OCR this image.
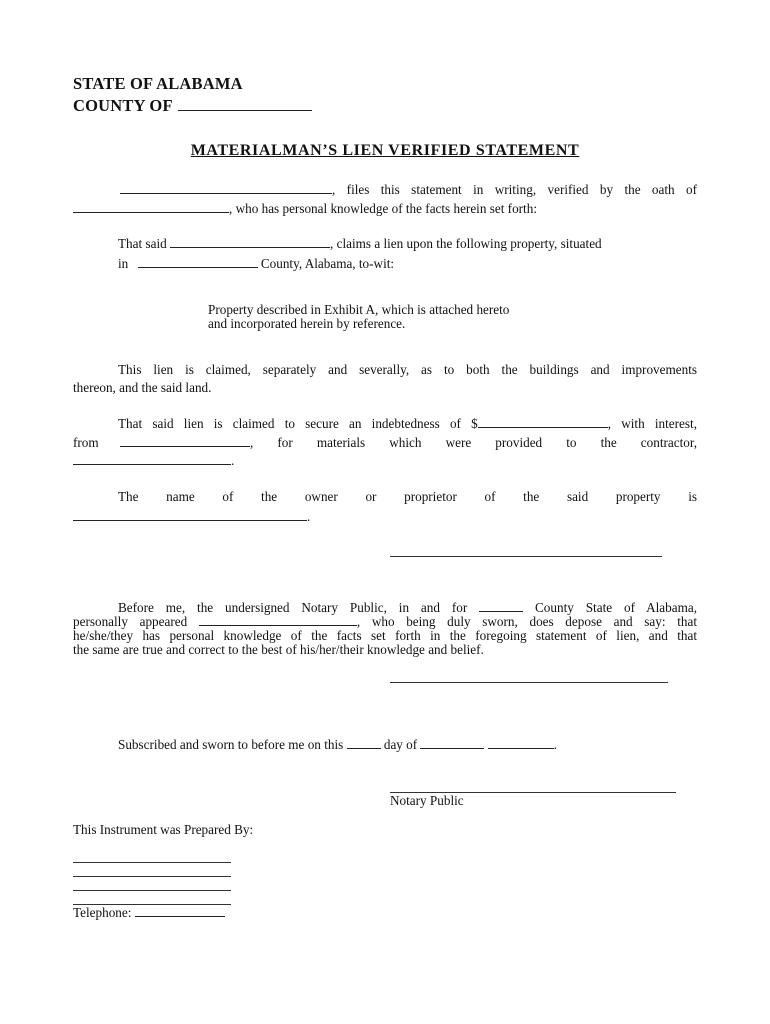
STATE OF ALABAMA
COUNTY OF
MATERIALMAN’S LIEN VERIFIED STATEMENT
, files this statement in writing, verified by the oath of
, who has personal knowledge of the facts herein set forth:
That said	, claims a lien upon the following property, situated
in	County, Alabama, to-wit:
Property described in Exhibit A, which is attached hereto
and incorporated herein by reference.
This lien is claimed, separately and severally, as to both the buildings and improvements
thereon, and the said land.
That said lien is claimed to secure an indebtedness of $	, with interest,
from	,   for   materials   which   were   provided   to   the   contractor,
.
The name of the owner or proprietor of the said property is
.
Before me, the undersigned Notary Public, in and for	County State of Alabama,
personally appeared	, who being duly sworn, does depose and say: that
he/she/they has personal knowledge of the facts set forth in the foregoing statement of lien, and that
the same are true and correct to the best of his/her/their knowledge and belief.
Subscribed and sworn to before me on this	day of	.
Notary Public
This Instrument was Prepared By:
Telephone:
